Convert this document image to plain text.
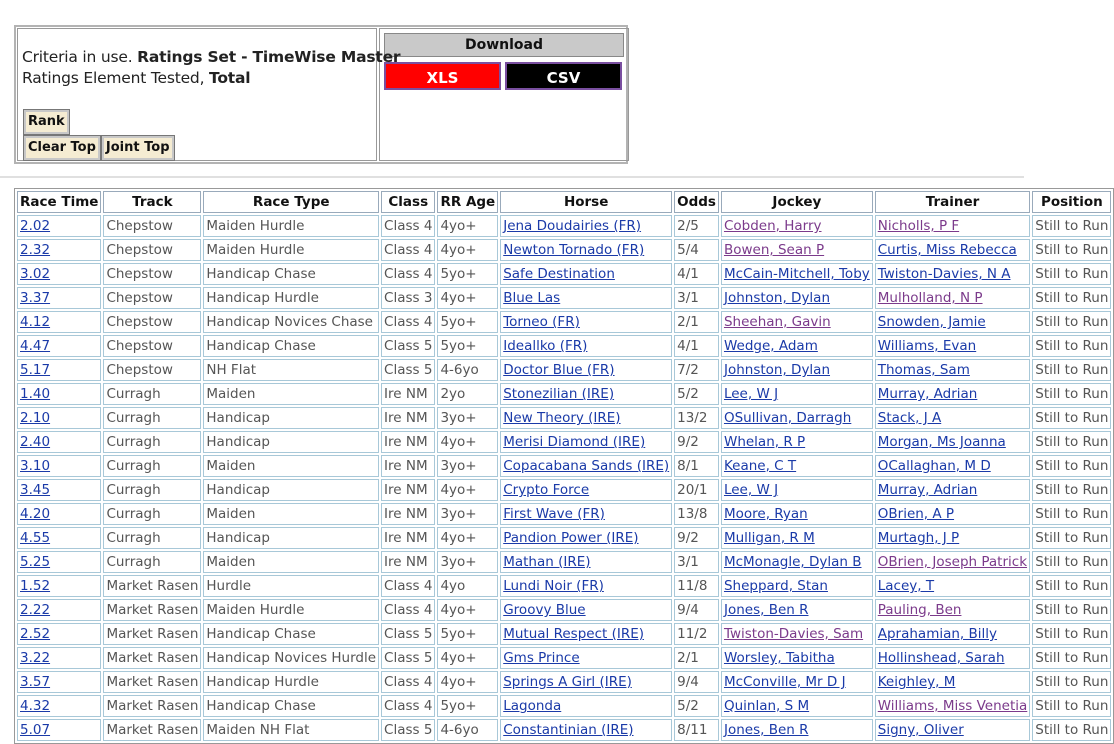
Criteria in use. Ratings Set - TimeWise Master
Ratings Element Tested, Total
Rank
Clear Top Joint Top
Download
XLS	CSV
Race Time	Track	Race Type	Class	RR Age	Horse	Odds	Jockey	Trainer	Position
2.02	Chepstow	Maiden Hurdle	Class 4	4yo+	Jena Doudairies (FR)	2/5	Cobden, Harry	Nicholls, P F	Still to Run
2.32	Chepstow	Maiden Hurdle	Class 4	4yo+	Newton Tornado (FR)	5/4	Bowen, Sean P	Curtis, Miss Rebecca	Still to Run
3.02	Chepstow	Handicap Chase	Class 4	5yo+	Safe Destination	4/1	McCain-Mitchell, Toby	Twiston-Davies, N A	Still to Run
3.37	Chepstow	Handicap Hurdle	Class 3	4yo+	Blue Las	3/1	Johnston, Dylan	Mulholland, N P	Still to Run
4.12	Chepstow	Handicap Novices Chase	Class 4	5yo+	Torneo (FR)	2/1	Sheehan, Gavin	Snowden, Jamie	Still to Run
4.47	Chepstow	Handicap Chase	Class 5	5yo+	Ideallko (FR)	4/1	Wedge, Adam	Williams, Evan	Still to Run
5.17	Chepstow	NH Flat	Class 5	4-6yo	Doctor Blue (FR)	7/2	Johnston, Dylan	Thomas, Sam	Still to Run
1.40	Curragh	Maiden	Ire NM	2yo	Stonezilian (IRE)	5/2	Lee, W J	Murray, Adrian	Still to Run
2.10	Curragh	Handicap	Ire NM	3yo+	New Theory (IRE)	13/2	OSullivan, Darragh	Stack, J A	Still to Run
2.40	Curragh	Handicap	Ire NM	4yo+	Merisi Diamond (IRE)	9/2	Whelan, R P	Morgan, Ms Joanna	Still to Run
3.10	Curragh	Maiden	Ire NM	3yo+	Copacabana Sands (IRE)	8/1	Keane, C T	OCallaghan, M D	Still to Run
3.45	Curragh	Handicap	Ire NM	4yo+	Crypto Force	20/1	Lee, W J	Murray, Adrian	Still to Run
4.20	Curragh	Maiden	Ire NM	3yo+	First Wave (FR)	13/8	Moore, Ryan	OBrien, A P	Still to Run
4.55	Curragh	Handicap	Ire NM	4yo+	Pandion Power (IRE)	9/2	Mulligan, R M	Murtagh, J P	Still to Run
5.25	Curragh	Maiden	Ire NM	3yo+	Mathan (IRE)	3/1	McMonagle, Dylan B	OBrien, Joseph Patrick	Still to Run
1.52	Market Rasen	Hurdle	Class 4	4yo	Lundi Noir (FR)	11/8	Sheppard, Stan	Lacey, T	Still to Run
2.22	Market Rasen	Maiden Hurdle	Class 4	4yo+	Groovy Blue	9/4	Jones, Ben R	Pauling, Ben	Still to Run
2.52	Market Rasen	Handicap Chase	Class 5	5yo+	Mutual Respect (IRE)	11/2	Twiston-Davies, Sam	Aprahamian, Billy	Still to Run
3.22	Market Rasen	Handicap Novices Hurdle	Class 5	4yo+	Gms Prince	2/1	Worsley, Tabitha	Hollinshead, Sarah	Still to Run
3.57	Market Rasen	Handicap Hurdle	Class 4	4yo+	Springs A Girl (IRE)	9/4	McConville, Mr D J	Keighley, M	Still to Run
4.32	Market Rasen	Handicap Chase	Class 4	5yo+	Lagonda	5/2	Quinlan, S M	Williams, Miss Venetia	Still to Run
5.07	Market Rasen	Maiden NH Flat	Class 5	4-6yo	Constantinian (IRE)	8/11	Jones, Ben R	Signy, Oliver	Still to Run
